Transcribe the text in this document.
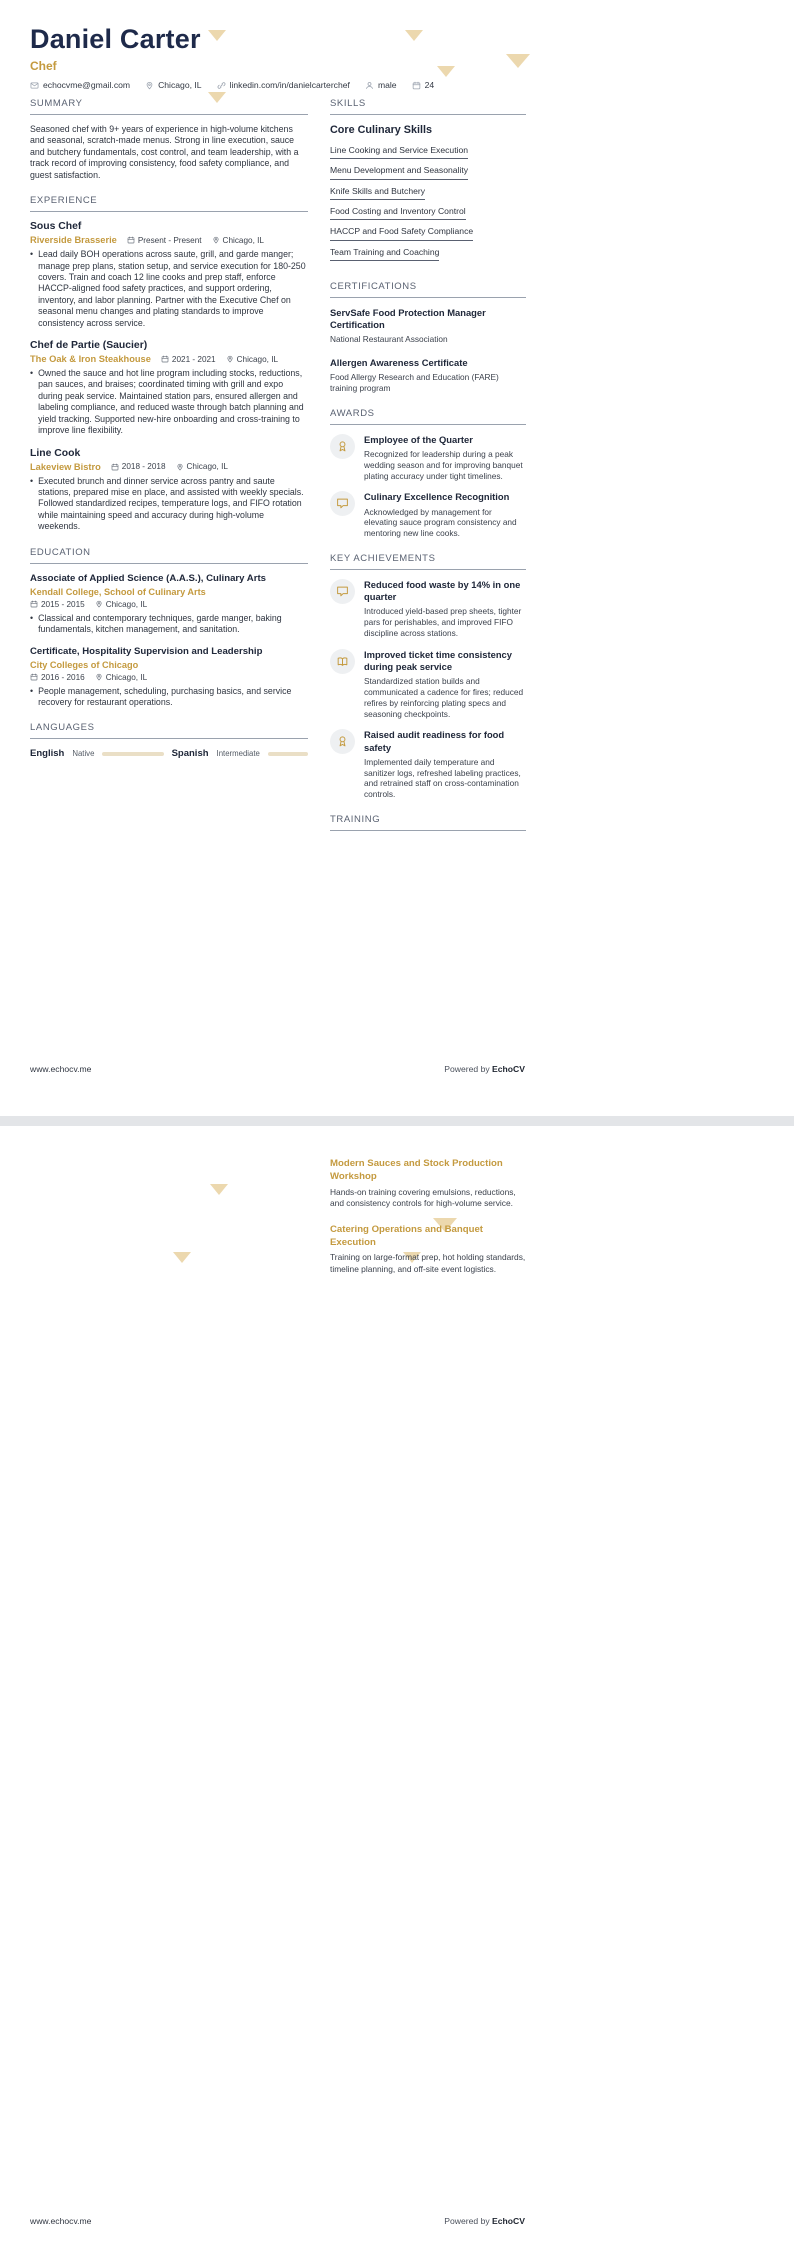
Daniel Carter
Chef
echocvme@gmail.com	Chicago, IL	linkedin.com/in/danielcarterchef	male	24
SUMMARY
Seasoned chef with 9+ years of experience in high-volume kitchens and seasonal, scratch-made menus. Strong in line execution, sauce and butchery fundamentals, cost control, and team leadership, with a track record of improving consistency, food safety compliance, and guest satisfaction.
EXPERIENCE
Sous Chef
Riverside Brasserie	Present - Present	Chicago, IL
• Lead daily BOH operations across saute, grill, and garde manger; manage prep plans, station setup, and service execution for 180-250 covers. Train and coach 12 line cooks and prep staff, enforce HACCP-aligned food safety practices, and support ordering, inventory, and labor planning. Partner with the Executive Chef on seasonal menu changes and plating standards to improve consistency across service.
Chef de Partie (Saucier)
The Oak & Iron Steakhouse	2021 - 2021	Chicago, IL
• Owned the sauce and hot line program including stocks, reductions, pan sauces, and braises; coordinated timing with grill and expo during peak service. Maintained station pars, ensured allergen and labeling compliance, and reduced waste through batch planning and yield tracking. Supported new-hire onboarding and cross-training to improve line flexibility.
Line Cook
Lakeview Bistro	2018 - 2018	Chicago, IL
• Executed brunch and dinner service across pantry and saute stations, prepared mise en place, and assisted with weekly specials. Followed standardized recipes, temperature logs, and FIFO rotation while maintaining speed and accuracy during high-volume weekends.
EDUCATION
Associate of Applied Science (A.A.S.), Culinary Arts
Kendall College, School of Culinary Arts
2015 - 2015	Chicago, IL
• Classical and contemporary techniques, garde manger, baking fundamentals, kitchen management, and sanitation.
Certificate, Hospitality Supervision and Leadership
City Colleges of Chicago
2016 - 2016	Chicago, IL
• People management, scheduling, purchasing basics, and service recovery for restaurant operations.
LANGUAGES
English Native	Spanish Intermediate
SKILLS
Core Culinary Skills
Line Cooking and Service Execution
Menu Development and Seasonality
Knife Skills and Butchery
Food Costing and Inventory Control
HACCP and Food Safety Compliance
Team Training and Coaching
CERTIFICATIONS
ServSafe Food Protection Manager Certification
National Restaurant Association
Allergen Awareness Certificate
Food Allergy Research and Education (FARE) training program
AWARDS
Employee of the Quarter
Recognized for leadership during a peak wedding season and for improving banquet plating accuracy under tight timelines.
Culinary Excellence Recognition
Acknowledged by management for elevating sauce program consistency and mentoring new line cooks.
KEY ACHIEVEMENTS
Reduced food waste by 14% in one quarter
Introduced yield-based prep sheets, tighter pars for perishables, and improved FIFO discipline across stations.
Improved ticket time consistency during peak service
Standardized station builds and communicated a cadence for fires; reduced refires by reinforcing plating specs and seasoning checkpoints.
Raised audit readiness for food safety
Implemented daily temperature and sanitizer logs, refreshed labeling practices, and retrained staff on cross-contamination controls.
TRAINING
www.echocv.me	Powered by EchoCV
Modern Sauces and Stock Production Workshop
Hands-on training covering emulsions, reductions, and consistency controls for high-volume service.
Catering Operations and Banquet Execution
Training on large-format prep, hot holding standards, timeline planning, and off-site event logistics.
www.echocv.me	Powered by EchoCV
